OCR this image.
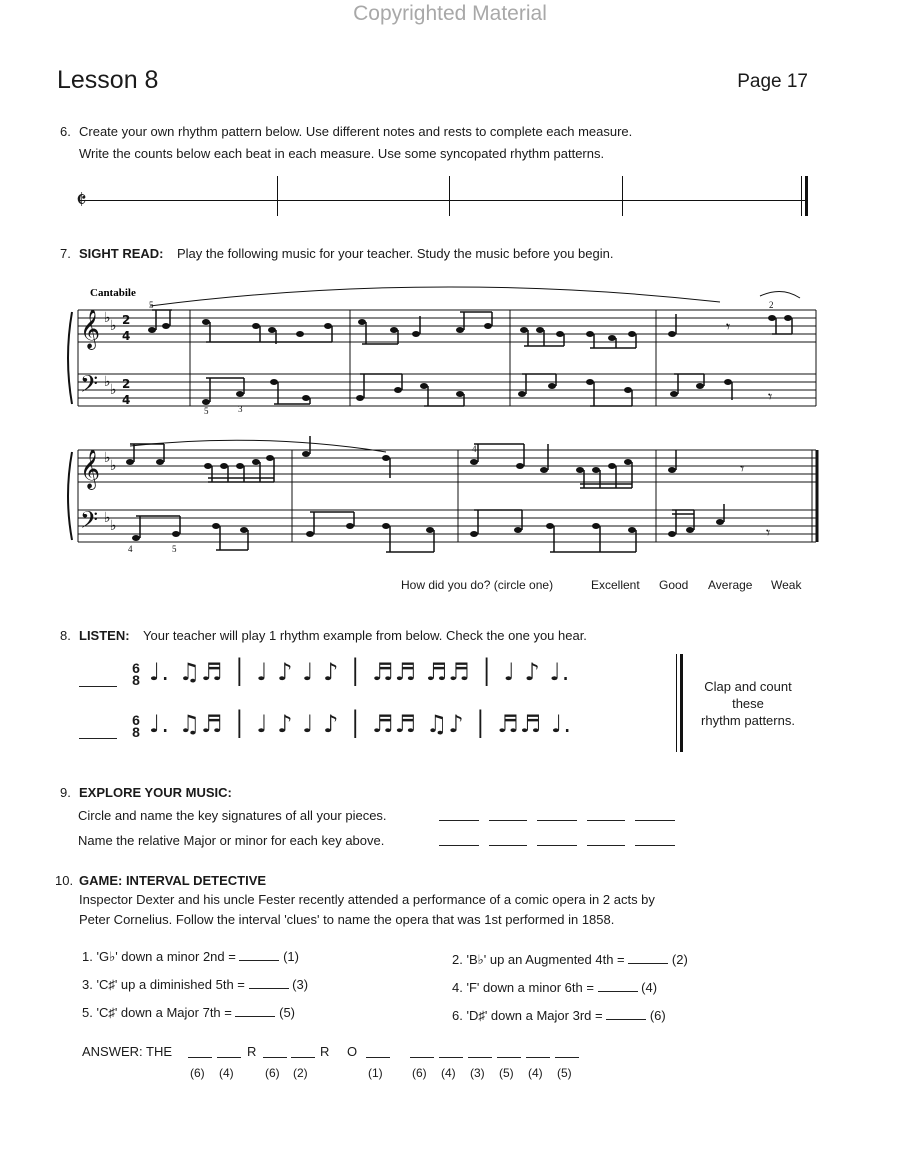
Copyrighted Material
Lesson 8	Page 17
6. Create your own rhythm pattern below. Use different notes and rests to complete each measure.
Write the counts below each beat in each measure. Use some syncopated rhythm patterns.
𝄵
7. SIGHT READ: Play the following music for your teacher. Study the music before you begin.
Cantabile
𝄞
𝄢
𝄞
𝄢
♭ ♭
♭ ♭
♭ ♭
♭ ♭
2
4
2
4
𝄾
𝄾
𝄾
𝄾
5
5	3
2
4	5
4
How did you do? (circle one)	Excellent Good Average Weak
8. LISTEN: Your teacher will play 1 rhythm example from below. Check the one you hear.
6
8 ♩. ♫♬ │ ♩ ♪ ♩ ♪ │ ♬♬ ♬♬ │ ♩ ♪ ♩.
6
8 ♩. ♫♬ │ ♩ ♪ ♩ ♪ │ ♬♬ ♫♪ │ ♬♬ ♩.
Clap and count
these
rhythm patterns.
9. EXPLORE YOUR MUSIC:
Circle and name the key signatures of all your pieces.
Name the relative Major or minor for each key above.
10. GAME: INTERVAL DETECTIVE
Inspector Dexter and his uncle Fester recently attended a performance of a comic opera in 2 acts by
Peter Cornelius. Follow the interval 'clues' to name the opera that was 1st performed in 1858.
1. 'G♭' down a minor 2nd =	(1)	2. 'B♭' up an Augmented 4th =	(2)
3. 'C♯' up a diminished 5th =	(3)	4. 'F' down a minor 6th =	(4)
5. 'C♯' down a Major 7th =	(5)	6. 'D♯' down a Major 3rd =	(6)
ANSWER: THE	R	R O
(6) (4)	(6) (2)	(1) (6) (4) (3) (5) (4) (5)
